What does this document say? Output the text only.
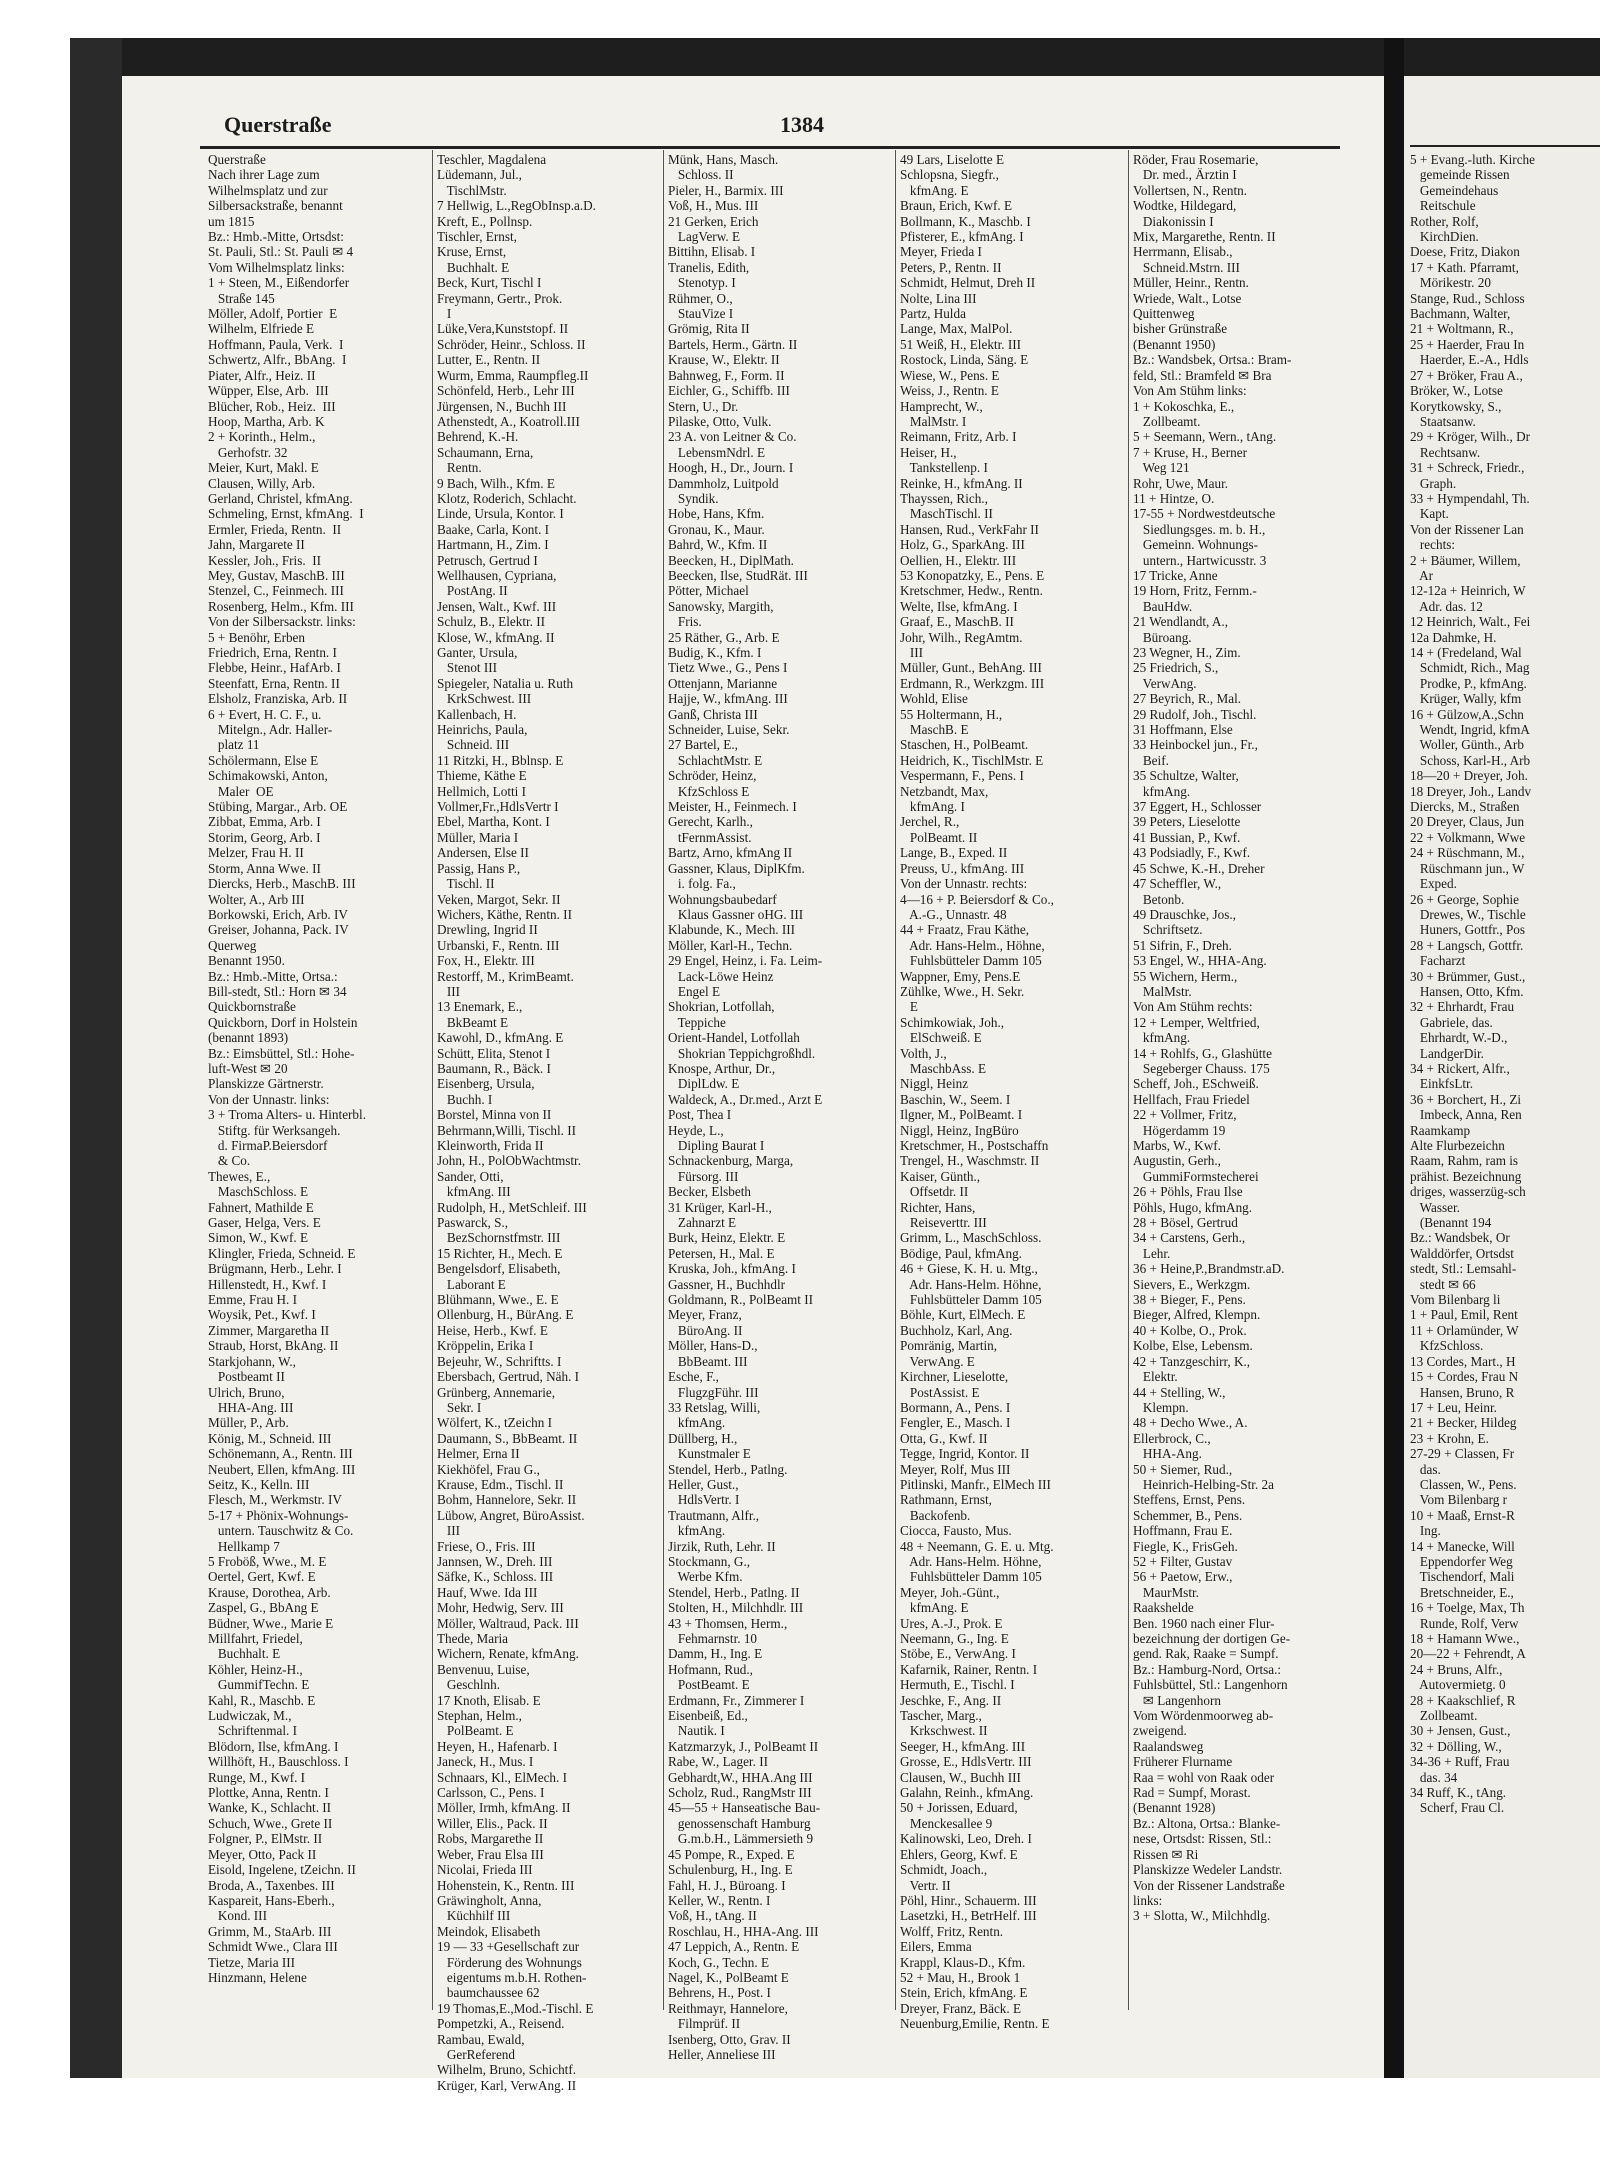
Querstraße	1384
Querstraße
Nach ihrer Lage zum
Wilhelmsplatz und zur
Silbersackstraße, benannt
um 1815
Bz.: Hmb.-Mitte, Ortsdst:
St. Pauli, Stl.: St. Pauli ✉ 4
Vom Wilhelmsplatz links:
1 + Steen, M., Eißendorfer
Straße 145
Möller, Adolf, Portier  E
Wilhelm, Elfriede E
Hoffmann, Paula, Verk.  I
Schwertz, Alfr., BbAng.  I
Piater, Alfr., Heiz. II
Wüpper, Else, Arb.  III
Blücher, Rob., Heiz.  III
Hoop, Martha, Arb. K
2 + Korinth., Helm.,
Gerhofstr. 32
Meier, Kurt, Makl. E
Clausen, Willy, Arb.
Gerland, Christel, kfmAng.
Schmeling, Ernst, kfmAng.  I
Ermler, Frieda, Rentn.  II
Jahn, Margarete II
Kessler, Joh., Fris.  II
Mey, Gustav, MaschB. III
Stenzel, C., Feinmech. III
Rosenberg, Helm., Kfm. III
Von der Silbersackstr. links:
5 + Benöhr, Erben
Friedrich, Erna, Rentn. I
Flebbe, Heinr., HafArb. I
Steenfatt, Erna, Rentn. II
Elsholz, Franziska, Arb. II
6 + Evert, H. C. F., u.
Mitelgn., Adr. Haller-
platz 11
Schölermann, Else E
Schimakowski, Anton,
Maler  OE
Stübing, Margar., Arb. OE
Zibbat, Emma, Arb. I
Storim, Georg, Arb. I
Melzer, Frau H. II
Storm, Anna Wwe. II
Diercks, Herb., MaschB. III
Wolter, A., Arb III
Borkowski, Erich, Arb. IV
Greiser, Johanna, Pack. IV
Querweg
Benannt 1950.
Bz.: Hmb.-Mitte, Ortsa.:
Bill-stedt, Stl.: Horn ✉ 34
Quickbornstraße
Quickborn, Dorf in Holstein
(benannt 1893)
Bz.: Eimsbüttel, Stl.: Hohe-
luft-West ✉ 20
Planskizze Gärtnerstr.
Von der Unnastr. links:
3 + Troma Alters- u. Hinterbl.
Stiftg. für Werksangeh.
d. FirmaP.Beiersdorf
& Co.
Thewes, E.,
MaschSchloss. E
Fahnert, Mathilde E
Gaser, Helga, Vers. E
Simon, W., Kwf. E
Klingler, Frieda, Schneid. E
Brügmann, Herb., Lehr. I
Hillenstedt, H., Kwf. I
Emme, Frau H. I
Woysik, Pet., Kwf. I
Zimmer, Margaretha II
Straub, Horst, BkAng. II
Starkjohann, W.,
Postbeamt II
Ulrich, Bruno,
HHA-Ang. III
Müller, P., Arb.
König, M., Schneid. III
Schönemann, A., Rentn. III
Neubert, Ellen, kfmAng. III
Seitz, K., Kelln. III
Flesch, M., Werkmstr. IV
5-17 + Phönix-Wohnungs-
untern. Tauschwitz & Co.
Hellkamp 7
5 Froböß, Wwe., M. E
Oertel, Gert, Kwf. E
Krause, Dorothea, Arb.
Zaspel, G., BbAng E
Büdner, Wwe., Marie E
Millfahrt, Friedel,
Buchhalt. E
Köhler, Heinz-H.,
GummifTechn. E
Kahl, R., Maschb. E
Ludwiczak, M.,
Schriftenmal. I
Blödorn, Ilse, kfmAng. I
Willhöft, H., Bauschloss. I
Runge, M., Kwf. I
Plottke, Anna, Rentn. I
Wanke, K., Schlacht. II
Schuch, Wwe., Grete II
Folgner, P., ElMstr. II
Meyer, Otto, Pack II
Eisold, Ingelene, tZeichn. II
Broda, A., Taxenbes. III
Kaspareit, Hans-Eberh.,
Kond. III
Grimm, M., StaArb. III
Schmidt Wwe., Clara III
Tietze, Maria III
Hinzmann, Helene
Teschler, Magdalena
Lüdemann, Jul.,
TischlMstr.
7 Hellwig, L.,RegObInsp.a.D.
Kreft, E., Pollnsp.
Tischler, Ernst,
Kruse, Ernst,
Buchhalt. E
Beck, Kurt, Tischl I
Freymann, Gertr., Prok.
I
Lüke,Vera,Kunststopf. II
Schröder, Heinr., Schloss. II
Lutter, E., Rentn. II
Wurm, Emma, Raumpfleg.II
Schönfeld, Herb., Lehr III
Jürgensen, N., Buchh III
Athenstedt, A., Koatroll.III
Behrend, K.-H.
Schaumann, Erna,
Rentn.
9 Bach, Wilh., Kfm. E
Klotz, Roderich, Schlacht.
Linde, Ursula, Kontor. I
Baake, Carla, Kont. I
Hartmann, H., Zim. I
Petrusch, Gertrud I
Wellhausen, Cypriana,
PostAng. II
Jensen, Walt., Kwf. III
Schulz, B., Elektr. II
Klose, W., kfmAng. II
Ganter, Ursula,
Stenot III
Spiegeler, Natalia u. Ruth
KrkSchwest. III
Kallenbach, H.
Heinrichs, Paula,
Schneid. III
11 Ritzki, H., Bblnsp. E
Thieme, Käthe E
Hellmich, Lotti I
Vollmer,Fr.,HdlsVertr I
Ebel, Martha, Kont. I
Müller, Maria I
Andersen, Else II
Passig, Hans P.,
Tischl. II
Veken, Margot, Sekr. II
Wichers, Käthe, Rentn. II
Drewling, Ingrid II
Urbanski, F., Rentn. III
Fox, H., Elektr. III
Restorff, M., KrimBeamt.
III
13 Enemark, E.,
BkBeamt E
Kawohl, D., kfmAng. E
Schütt, Elita, Stenot I
Baumann, R., Bäck. I
Eisenberg, Ursula,
Buchh. I
Borstel, Minna von II
Behrmann,Willi, Tischl. II
Kleinworth, Frida II
John, H., PolObWachtmstr.
Sander, Otti,
kfmAng. III
Rudolph, H., MetSchleif. III
Paswarck, S.,
BezSchornstfmstr. III
15 Richter, H., Mech. E
Bengelsdorf, Elisabeth,
Laborant E
Blühmann, Wwe., E. E
Ollenburg, H., BürAng. E
Heise, Herb., Kwf. E
Kröppelin, Erika I
Bejeuhr, W., Schriftts. I
Ebersbach, Gertrud, Näh. I
Grünberg, Annemarie,
Sekr. I
Wölfert, K., tZeichn I
Daumann, S., BbBeamt. II
Helmer, Erna II
Kiekhöfel, Frau G.,
Krause, Edm., Tischl. II
Bohm, Hannelore, Sekr. II
Lübow, Angret, BüroAssist.
III
Friese, O., Fris. III
Jannsen, W., Dreh. III
Säfke, K., Schloss. III
Hauf, Wwe. Ida III
Mohr, Hedwig, Serv. III
Möller, Waltraud, Pack. III
Thede, Maria
Wichern, Renate, kfmAng.
Benvenuu, Luise,
Geschlnh.
17 Knoth, Elisab. E
Stephan, Helm.,
PolBeamt. E
Heyen, H., Hafenarb. I
Janeck, H., Mus. I
Schnaars, Kl., ElMech. I
Carlsson, C., Pens. I
Möller, Irmh, kfmAng. II
Willer, Elis., Pack. II
Robs, Margarethe II
Weber, Frau Elsa III
Nicolai, Frieda III
Hohenstein, K., Rentn. III
Gräwingholt, Anna,
Küchhilf III
Meindok, Elisabeth
19 — 33 +Gesellschaft zur
Förderung des Wohnungs
eigentums m.b.H. Rothen-
baumchaussee 62
19 Thomas,E.,Mod.-Tischl. E
Pompetzki, A., Reisend.
Rambau, Ewald,
GerReferend
Wilhelm, Bruno, Schichtf.
Krüger, Karl, VerwAng. II
Münk, Hans, Masch.
Schloss. II
Pieler, H., Barmix. III
Voß, H., Mus. III
21 Gerken, Erich
LagVerw. E
Bittihn, Elisab. I
Tranelis, Edith,
Stenotyp. I
Rühmer, O.,
StauVize I
Grömig, Rita II
Bartels, Herm., Gärtn. II
Krause, W., Elektr. II
Bahnweg, F., Form. II
Eichler, G., Schiffb. III
Stern, U., Dr.
Pilaske, Otto, Vulk.
23 A. von Leitner & Co.
LebensmNdrl. E
Hoogh, H., Dr., Journ. I
Dammholz, Luitpold
Syndik.
Hobe, Hans, Kfm.
Gronau, K., Maur.
Bahrd, W., Kfm. II
Beecken, H., DiplMath.
Beecken, Ilse, StudRät. III
Pötter, Michael
Sanowsky, Margith,
Fris.
25 Räther, G., Arb. E
Budig, K., Kfm. I
Tietz Wwe., G., Pens I
Ottenjann, Marianne
Hajje, W., kfmAng. III
Ganß, Christa III
Schneider, Luise, Sekr.
27 Bartel, E.,
SchlachtMstr. E
Schröder, Heinz,
KfzSchloss E
Meister, H., Feinmech. I
Gerecht, Karlh.,
tFernmAssist.
Bartz, Arno, kfmAng II
Gassner, Klaus, DiplKfm.
i. folg. Fa.,
Wohnungsbaubedarf
Klaus Gassner oHG. III
Klabunde, K., Mech. III
Möller, Karl-H., Techn.
29 Engel, Heinz, i. Fa. Leim-
Lack-Löwe Heinz
Engel E
Shokrian, Lotfollah,
Teppiche
Orient-Handel, Lotfollah
Shokrian Teppichgroßhdl.
Knospe, Arthur, Dr.,
DiplLdw. E
Waldeck, A., Dr.med., Arzt E
Post, Thea I
Heyde, L.,
Dipling Baurat I
Schnackenburg, Marga,
Fürsorg. III
Becker, Elsbeth
31 Krüger, Karl-H.,
Zahnarzt E
Burk, Heinz, Elektr. E
Petersen, H., Mal. E
Kruska, Joh., kfmAng. I
Gassner, H., Buchhdlr
Goldmann, R., PolBeamt II
Meyer, Franz,
BüroAng. II
Möller, Hans-D.,
BbBeamt. III
Esche, F.,
FlugzgFühr. III
33 Retslag, Willi,
kfmAng.
Düllberg, H.,
Kunstmaler E
Stendel, Herb., Patlng.
Heller, Gust.,
HdlsVertr. I
Trautmann, Alfr.,
kfmAng.
Jirzik, Ruth, Lehr. II
Stockmann, G.,
Werbe Kfm.
Stendel, Herb., Patlng. II
Stolten, H., Milchhdlr. III
43 + Thomsen, Herm.,
Fehmarnstr. 10
Damm, H., Ing. E
Hofmann, Rud.,
PostBeamt. E
Erdmann, Fr., Zimmerer I
Eisenbeiß, Ed.,
Nautik. I
Katzmarzyk, J., PolBeamt II
Rabe, W., Lager. II
Gebhardt,W., HHA.Ang III
Scholz, Rud., RangMstr III
45—55 + Hanseatische Bau-
genossenschaft Hamburg
G.m.b.H., Lämmersieth 9
45 Pompe, R., Exped. E
Schulenburg, H., Ing. E
Fahl, H. J., Büroang. I
Keller, W., Rentn. I
Voß, H., tAng. II
Roschlau, H., HHA-Ang. III
47 Leppich, A., Rentn. E
Koch, G., Techn. E
Nagel, K., PolBeamt E
Behrens, H., Post. I
Reithmayr, Hannelore,
Filmprüf. II
Isenberg, Otto, Grav. II
Heller, Anneliese III
49 Lars, Liselotte E
Schlopsna, Siegfr.,
kfmAng. E
Braun, Erich, Kwf. E
Bollmann, K., Maschb. I
Pfisterer, E., kfmAng. I
Meyer, Frieda I
Peters, P., Rentn. II
Schmidt, Helmut, Dreh II
Nolte, Lina III
Partz, Hulda
Lange, Max, MalPol.
51 Weiß, H., Elektr. III
Rostock, Linda, Säng. E
Wiese, W., Pens. E
Weiss, J., Rentn. E
Hamprecht, W.,
MalMstr. I
Reimann, Fritz, Arb. I
Heiser, H.,
Tankstellenp. I
Reinke, H., kfmAng. II
Thayssen, Rich.,
MaschTischl. II
Hansen, Rud., VerkFahr II
Holz, G., SparkAng. III
Oellien, H., Elektr. III
53 Konopatzky, E., Pens. E
Kretschmer, Hedw., Rentn.
Welte, Ilse, kfmAng. I
Graaf, E., MaschB. II
Johr, Wilh., RegAmtm.
III
Müller, Gunt., BehAng. III
Erdmann, R., Werkzgm. III
Wohld, Elise
55 Holtermann, H.,
MaschB. E
Staschen, H., PolBeamt.
Heidrich, K., TischlMstr. E
Vespermann, F., Pens. I
Netzbandt, Max,
kfmAng. I
Jerchel, R.,
PolBeamt. II
Lange, B., Exped. II
Preuss, U., kfmAng. III
Von der Unnastr. rechts:
4—16 + P. Beiersdorf & Co.,
A.-G., Unnastr. 48
44 + Fraatz, Frau Käthe,
Adr. Hans-Helm., Höhne,
Fuhlsbütteler Damm 105
Wappner, Emy, Pens.E
Zühlke, Wwe., H. Sekr.
E
Schimkowiak, Joh.,
ElSchweiß. E
Volth, J.,
MaschbAss. E
Niggl, Heinz
Baschin, W., Seem. I
Ilgner, M., PolBeamt. I
Niggl, Heinz, IngBüro
Kretschmer, H., Postschaffn
Trengel, H., Waschmstr. II
Kaiser, Günth.,
Offsetdr. II
Richter, Hans,
Reiseverttr. III
Grimm, L., MaschSchloss.
Bödige, Paul, kfmAng.
46 + Giese, K. H. u. Mtg.,
Adr. Hans-Helm. Höhne,
Fuhlsbütteler Damm 105
Böhle, Kurt, ElMech. E
Buchholz, Karl, Ang.
Pomränig, Martin,
VerwAng. E
Kirchner, Lieselotte,
PostAssist. E
Bormann, A., Pens. I
Fengler, E., Masch. I
Otta, G., Kwf. II
Tegge, Ingrid, Kontor. II
Meyer, Rolf, Mus III
Pitlinski, Manfr., ElMech III
Rathmann, Ernst,
Backofenb.
Ciocca, Fausto, Mus.
48 + Neemann, G. E. u. Mtg.
Adr. Hans-Helm. Höhne,
Fuhlsbütteler Damm 105
Meyer, Joh.-Günt.,
kfmAng. E
Ures, A.-J., Prok. E
Neemann, G., Ing. E
Stöbe, E., VerwAng. I
Kafarnik, Rainer, Rentn. I
Hermuth, E., Tischl. I
Jeschke, F., Ang. II
Tascher, Marg.,
Krkschwest. II
Seeger, H., kfmAng. III
Grosse, E., HdlsVertr. III
Clausen, W., Buchh III
Galahn, Reinh., kfmAng.
50 + Jorissen, Eduard,
Menckesallee 9
Kalinowski, Leo, Dreh. I
Ehlers, Georg, Kwf. E
Schmidt, Joach.,
Vertr. II
Pöhl, Hinr., Schauerm. III
Lasetzki, H., BetrHelf. III
Wolff, Fritz, Rentn.
Eilers, Emma
Krappl, Klaus-D., Kfm.
52 + Mau, H., Brook 1
Stein, Erich, kfmAng. E
Dreyer, Franz, Bäck. E
Neuenburg,Emilie, Rentn. E
Röder, Frau Rosemarie,
Dr. med., Ärztin I
Vollertsen, N., Rentn.
Wodtke, Hildegard,
Diakonissin I
Mix, Margarethe, Rentn. II
Herrmann, Elisab.,
Schneid.Mstrn. III
Müller, Heinr., Rentn.
Wriede, Walt., Lotse
Quittenweg
bisher Grünstraße
(Benannt 1950)
Bz.: Wandsbek, Ortsa.: Bram-
feld, Stl.: Bramfeld ✉ Bra
Von Am Stühm links:
1 + Kokoschka, E.,
Zollbeamt.
5 + Seemann, Wern., tAng.
7 + Kruse, H., Berner
Weg 121
Rohr, Uwe, Maur.
11 + Hintze, O.
17-55 + Nordwestdeutsche
Siedlungsges. m. b. H.,
Gemeinn. Wohnungs-
untern., Hartwicusstr. 3
17 Tricke, Anne
19 Horn, Fritz, Fernm.-
BauHdw.
21 Wendlandt, A.,
Büroang.
23 Wegner, H., Zim.
25 Friedrich, S.,
VerwAng.
27 Beyrich, R., Mal.
29 Rudolf, Joh., Tischl.
31 Hoffmann, Else
33 Heinbockel jun., Fr.,
Beif.
35 Schultze, Walter,
kfmAng.
37 Eggert, H., Schlosser
39 Peters, Lieselotte
41 Bussian, P., Kwf.
43 Podsiadly, F., Kwf.
45 Schwe, K.-H., Dreher
47 Scheffler, W.,
Betonb.
49 Drauschke, Jos.,
Schriftsetz.
51 Sifrin, F., Dreh.
53 Engel, W., HHA-Ang.
55 Wichern, Herm.,
MalMstr.
Von Am Stühm rechts:
12 + Lemper, Weltfried,
kfmAng.
14 + Rohlfs, G., Glashütte
Segeberger Chauss. 175
Scheff, Joh., ESchweiß.
Hellfach, Frau Friedel
22 + Vollmer, Fritz,
Högerdamm 19
Marbs, W., Kwf.
Augustin, Gerh.,
GummiFormstecherei
26 + Pöhls, Frau Ilse
Pöhls, Hugo, kfmAng.
28 + Bösel, Gertrud
34 + Carstens, Gerh.,
Lehr.
36 + Heine,P.,Brandmstr.aD.
Sievers, E., Werkzgm.
38 + Bieger, F., Pens.
Bieger, Alfred, Klempn.
40 + Kolbe, O., Prok.
Kolbe, Else, Lebensm.
42 + Tanzgeschirr, K.,
Elektr.
44 + Stelling, W.,
Klempn.
48 + Decho Wwe., A.
Ellerbrock, C.,
HHA-Ang.
50 + Siemer, Rud.,
Heinrich-Helbing-Str. 2a
Steffens, Ernst, Pens.
Schemmer, B., Pens.
Hoffmann, Frau E.
Fiegle, K., FrisGeh.
52 + Filter, Gustav
56 + Paetow, Erw.,
MaurMstr.
Raakshelde
Ben. 1960 nach einer Flur-
bezeichnung der dortigen Ge-
gend. Rak, Raake = Sumpf.
Bz.: Hamburg-Nord, Ortsa.:
Fuhlsbüttel, Stl.: Langenhorn
✉ Langenhorn
Vom Wördenmoorweg ab-
zweigend.
Raalandsweg
Früherer Flurname
Raa = wohl von Raak oder
Rad = Sumpf, Morast.
(Benannt 1928)
Bz.: Altona, Ortsa.: Blanke-
nese, Ortsdst: Rissen, Stl.:
Rissen ✉ Ri
Planskizze Wedeler Landstr.
Von der Rissener Landstraße
links:
3 + Slotta, W., Milchhdlg.
5 + Evang.-luth. Kirche
gemeinde Rissen
Gemeindehaus
Reitschule
Rother, Rolf,
KirchDien.
Doese, Fritz, Diakon
17 + Kath. Pfarramt,
Mörikestr. 20
Stange, Rud., Schloss
Bachmann, Walter,
21 + Woltmann, R.,
25 + Haerder, Frau In
Haerder, E.-A., Hdls
27 + Bröker, Frau A.,
Bröker, W., Lotse
Korytkowsky, S.,
Staatsanw.
29 + Kröger, Wilh., Dr
Rechtsanw.
31 + Schreck, Friedr.,
Graph.
33 + Hympendahl, Th.
Kapt.
Von der Rissener Lan
rechts:
2 + Bäumer, Willem,
Ar
12-12a + Heinrich, W
Adr. das. 12
12 Heinrich, Walt., Fei
12a Dahmke, H.
14 + (Fredeland, Wal
Schmidt, Rich., Mag
Prodke, P., kfmAng.
Krüger, Wally, kfm
16 + Gülzow,A.,Schn
Wendt, Ingrid, kfmA
Woller, Günth., Arb
Schoss, Karl-H., Arb
18—20 + Dreyer, Joh.
18 Dreyer, Joh., Landv
Diercks, M., Straßen
20 Dreyer, Claus, Jun
22 + Volkmann, Wwe
24 + Rüschmann, M.,
Rüschmann jun., W
Exped.
26 + George, Sophie
Drewes, W., Tischle
Huners, Gottfr., Pos
28 + Langsch, Gottfr.
Facharzt
30 + Brümmer, Gust.,
Hansen, Otto, Kfm.
32 + Ehrhardt, Frau
Gabriele, das.
Ehrhardt, W.-D.,
LandgerDir.
34 + Rickert, Alfr.,
EinkfsLtr.
36 + Borchert, H., Zi
Imbeck, Anna, Ren
Raamkamp
Alte Flurbezeichn
Raam, Rahm, ram is
prähist. Bezeichnung
driges, wasserzüg-sch
Wasser.
(Benannt 194
Bz.: Wandsbek, Or
Walddörfer, Ortsdst
stedt, Stl.: Lemsahl-
stedt ✉ 66
Vom Bilenbarg li
1 + Paul, Emil, Rent
11 + Orlamünder, W
KfzSchloss.
13 Cordes, Mart., H
15 + Cordes, Frau N
Hansen, Bruno, R
17 + Leu, Heinr.
21 + Becker, Hildeg
23 + Krohn, E.
27-29 + Classen, Fr
das.
Classen, W., Pens.
Vom Bilenbarg r
10 + Maaß, Ernst-R
Ing.
14 + Manecke, Will
Eppendorfer Weg
Tischendorf, Mali
Bretschneider, E.,
16 + Toelge, Max, Th
Runde, Rolf, Verw
18 + Hamann Wwe.,
20—22 + Fehrendt, A
24 + Bruns, Alfr.,
Autovermietg. 0
28 + Kaakschlief, R
Zollbeamt.
30 + Jensen, Gust.,
32 + Dölling, W.,
34-36 + Ruff, Frau
das. 34
34 Ruff, K., tAng.
Scherf, Frau Cl.
